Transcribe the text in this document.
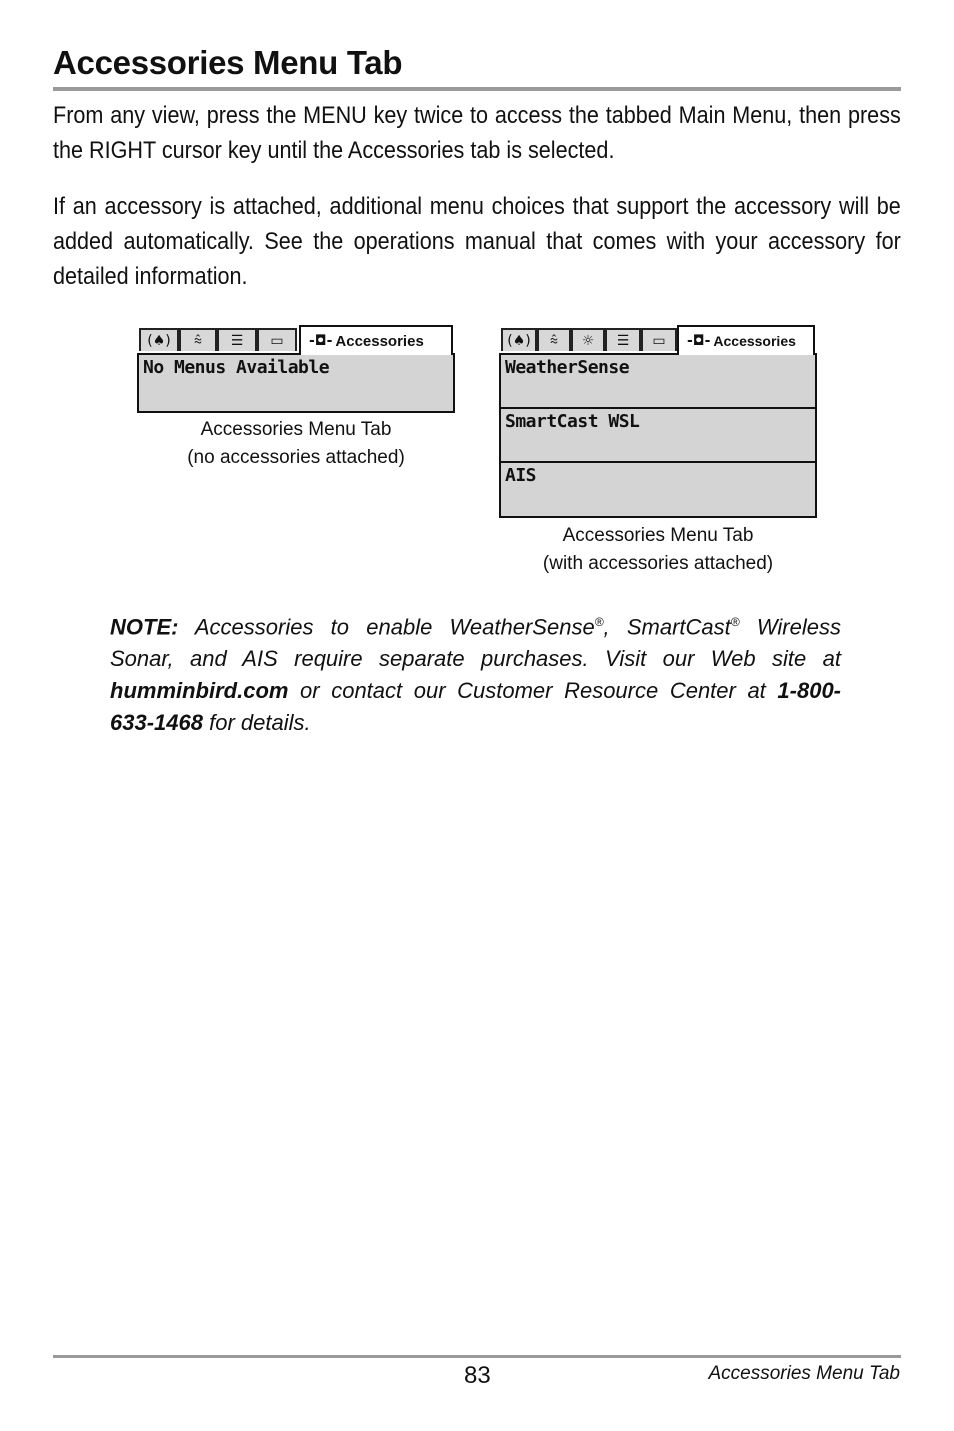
Accessories Menu Tab

From any view, press the MENU key twice to access the tabbed Main Menu, then press the RIGHT cursor key until the Accessories tab is selected.

If an accessory is attached, additional menu choices that support the accessory will be added automatically. See the operations manual that comes with your accessory for detailed information.

(♠)	⩯	☰	▭	-◘- Accessories
No Menus Available
Accessories Menu Tab
(no accessories attached)
(♠)	⩯	☼	☰	▭	-◘- Accessories
WeatherSense
SmartCast WSL
AIS
Accessories Menu Tab
(with accessories attached)

NOTE: Accessories to enable WeatherSense®, SmartCast® Wireless Sonar, and AIS require separate purchases. Visit our Web site at humminbird.com or contact our Customer Resource Center at 1-800-633-1468 for details.

83	Accessories Menu Tab
